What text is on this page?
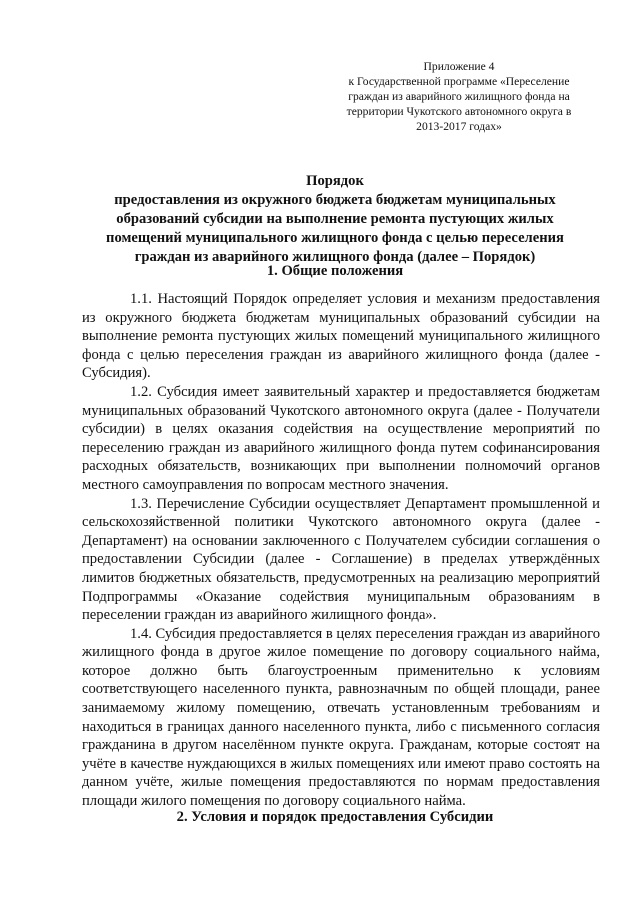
Приложение 4
к Государственной программе «Переселение
граждан из аварийного жилищного фонда на
территории Чукотского автономного округа в
2013-2017 годах»
Порядок
предоставления из окружного бюджета бюджетам муниципальных
образований субсидии на выполнение ремонта пустующих жилых
помещений муниципального жилищного фонда с целью переселения
граждан из аварийного жилищного фонда (далее – Порядок)
1. Общие положения

1.1. Настоящий Порядок определяет условия и механизм предоставления из окружного бюджета бюджетам муниципальных образований субсидии на выполнение ремонта пустующих жилых помещений муниципального жилищного фонда с целью переселения граждан из аварийного жилищного фонда (далее - Субсидия).

1.2. Субсидия имеет заявительный характер и предоставляется бюджетам муниципальных образований Чукотского автономного округа (далее - Получатели субсидии) в целях оказания содействия на осуществление мероприятий по переселению граждан из аварийного жилищного фонда путем софинансирования расходных обязательств, возникающих при выполнении полномочий органов местного самоуправления по вопросам местного значения.

1.3. Перечисление Субсидии осуществляет Департамент промышленной и сельскохозяйственной политики Чукотского автономного округа (далее - Департамент) на основании заключенного с Получателем субсидии соглашения о предоставлении Субсидии (далее - Соглашение) в пределах утверждённых лимитов бюджетных обязательств, предусмотренных на реализацию мероприятий Подпрограммы «Оказание содействия муниципальным образованиям в переселении граждан из аварийного жилищного фонда».

1.4. Субсидия предоставляется в целях переселения граждан из аварийного жилищного фонда в другое жилое помещение по договору социального найма, которое должно быть благоустроенным применительно к условиям соответствующего населенного пункта, равнозначным по общей площади, ранее занимаемому жилому помещению, отвечать установленным требованиям и находиться в границах данного населенного пункта, либо с письменного согласия гражданина в другом населённом пункте округа. Гражданам, которые состоят на учёте в качестве нуждающихся в жилых помещениях или имеют право состоять на данном учёте, жилые помещения предоставляются по нормам предоставления площади жилого помещения по договору социального найма.

2. Условия и порядок предоставления Субсидии
